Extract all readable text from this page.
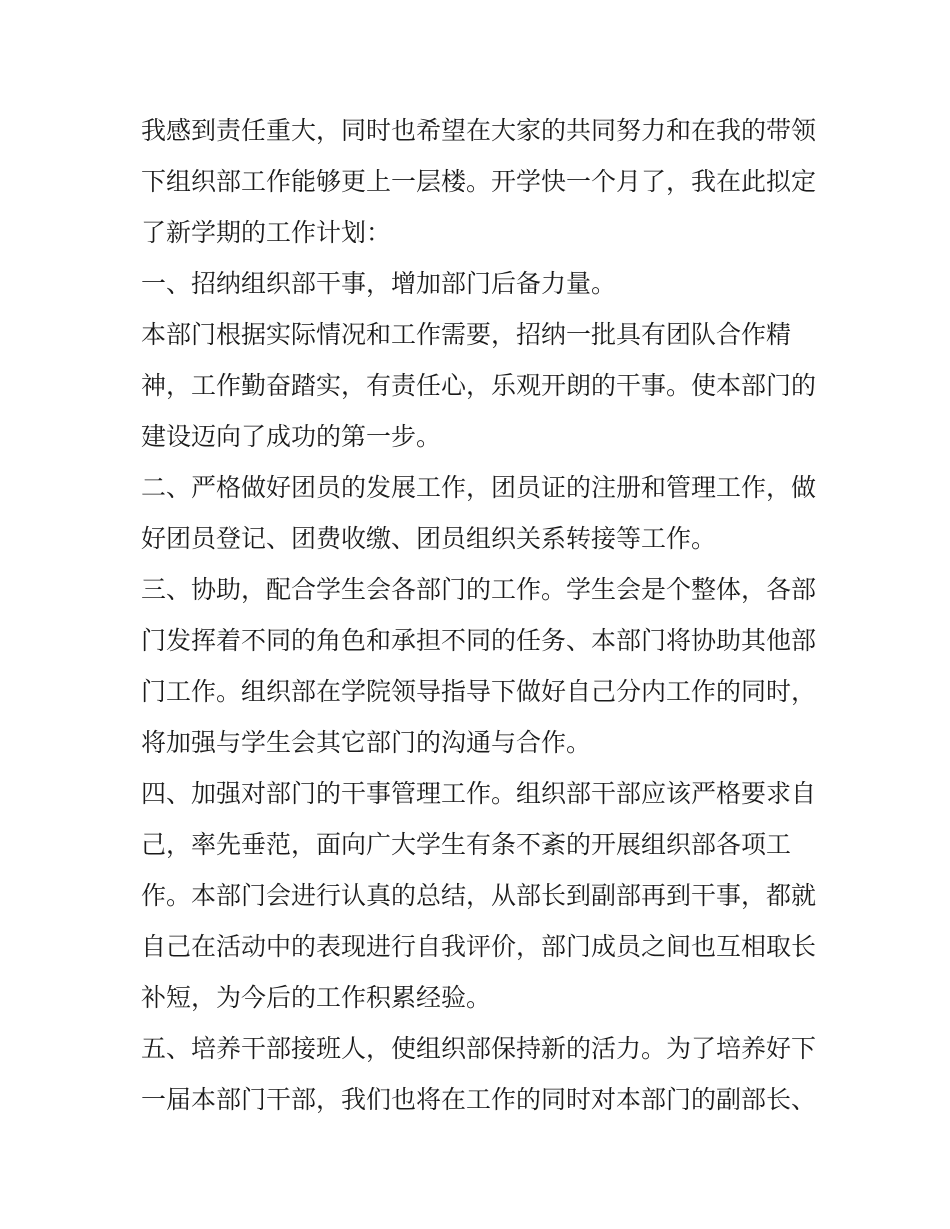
我感到责任重大，同时也希望在大家的共同努力和在我的带领
下组织部工作能够更上一层楼。开学快一个月了，我在此拟定
了新学期的工作计划：
一、招纳组织部干事，增加部门后备力量。
本部门根据实际情况和工作需要，招纳一批具有团队合作精
神，工作勤奋踏实，有责任心，乐观开朗的干事。使本部门的
建设迈向了成功的第一步。
二、严格做好团员的发展工作，团员证的注册和管理工作，做
好团员登记、团费收缴、团员组织关系转接等工作。
三、协助，配合学生会各部门的工作。学生会是个整体，各部
门发挥着不同的角色和承担不同的任务、本部门将协助其他部
门工作。组织部在学院领导指导下做好自己分内工作的同时，
将加强与学生会其它部门的沟通与合作。
四、加强对部门的干事管理工作。组织部干部应该严格要求自
己，率先垂范，面向广大学生有条不紊的开展组织部各项工
作。本部门会进行认真的总结，从部长到副部再到干事，都就
自己在活动中的表现进行自我评价，部门成员之间也互相取长
补短，为今后的工作积累经验。
五、培养干部接班人，使组织部保持新的活力。为了培养好下
一届本部门干部，我们也将在工作的同时对本部门的副部长、
